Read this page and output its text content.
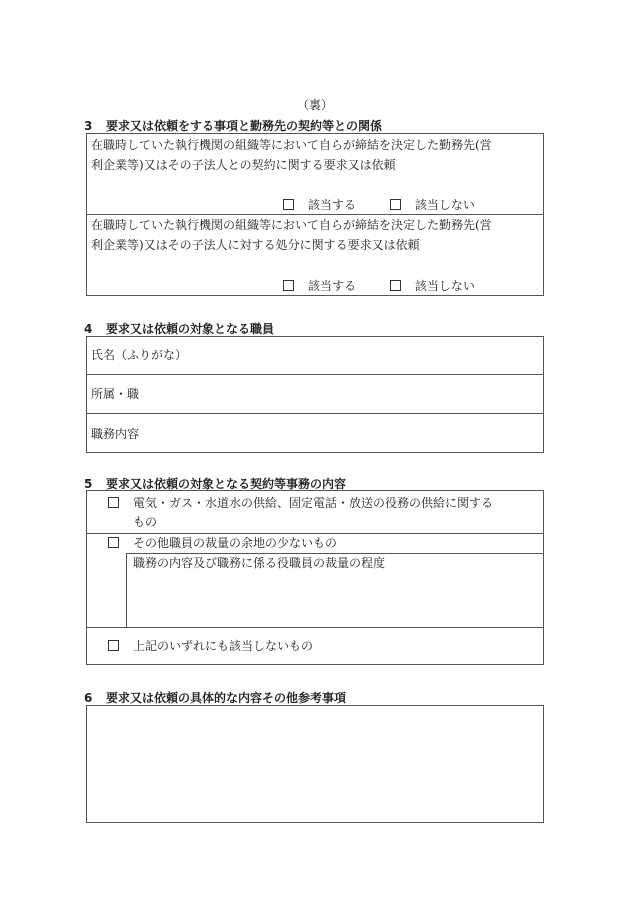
（裏）
3 要求又は依頼をする事項と勤務先の契約等との関係
在職時していた執行機関の組織等において自らが締結を決定した勤務先(営
利企業等)又はその子法人との契約に関する要求又は依頼
該当する	該当しない
在職時していた執行機関の組織等において自らが締結を決定した勤務先(営
利企業等)又はその子法人に対する処分に関する要求又は依頼
該当する	該当しない
4 要求又は依頼の対象となる職員
氏名（ふりがな）
所属・職
職務内容
5 要求又は依頼の対象となる契約等事務の内容
電気・ガス・水道水の供給、固定電話・放送の役務の供給に関する
もの
その他職員の裁量の余地の少ないもの
職務の内容及び職務に係る役職員の裁量の程度
上記のいずれにも該当しないもの
6 要求又は依頼の具体的な内容その他参考事項
